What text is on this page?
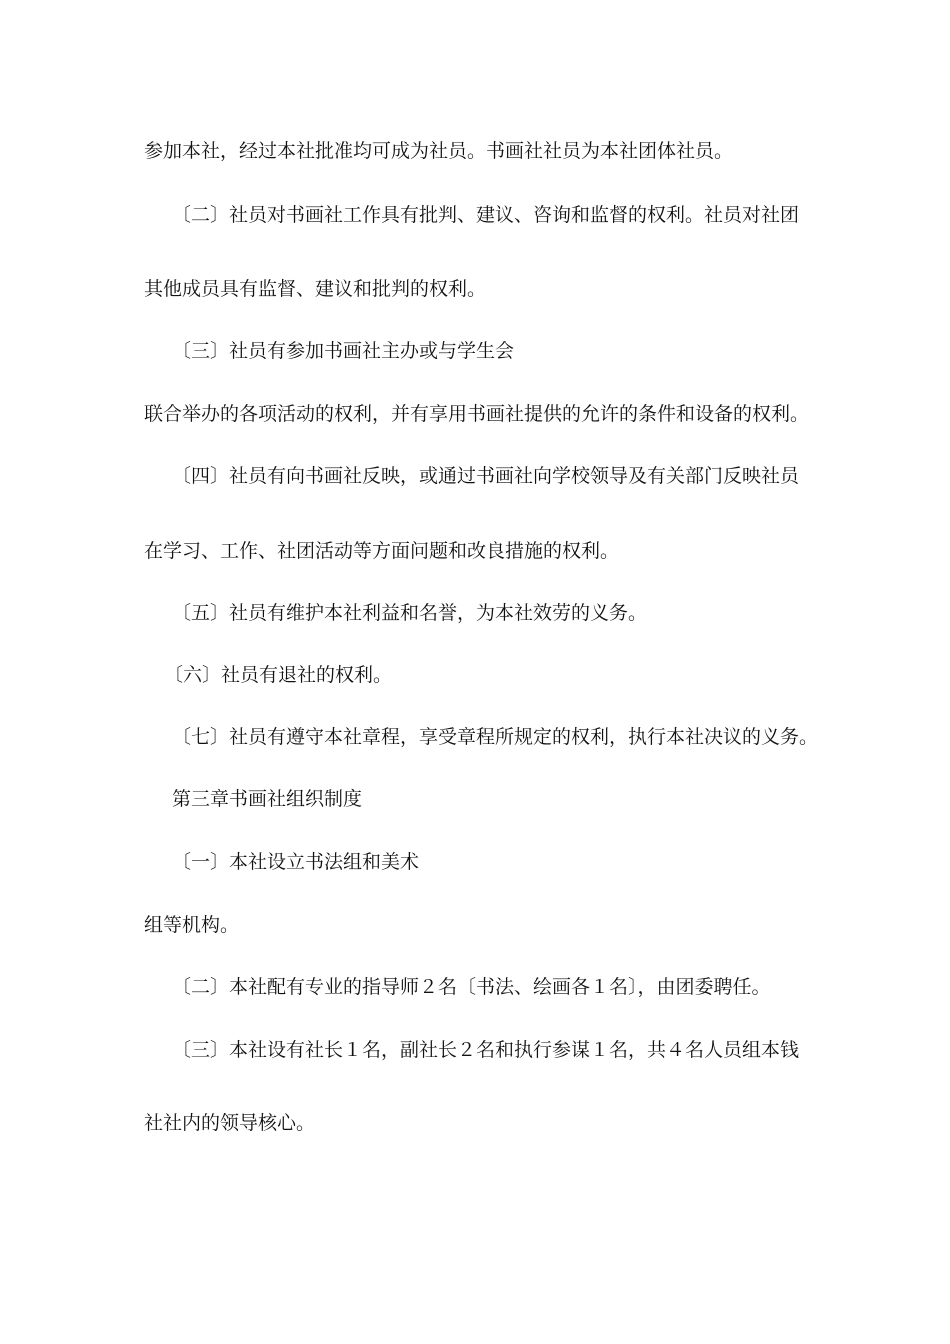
参加本社，经过本社批准均可成为社员。书画社社员为本社团体社员。
〔二〕社员对书画社工作具有批判、建议、咨询和监督的权利。社员对社团
其他成员具有监督、建议和批判的权利。
〔三〕社员有参加书画社主办或与学生会
联合举办的各项活动的权利，并有享用书画社提供的允许的条件和设备的权利。
〔四〕社员有向书画社反映，或通过书画社向学校领导及有关部门反映社员
在学习、工作、社团活动等方面问题和改良措施的权利。
〔五〕社员有维护本社利益和名誉，为本社效劳的义务。
〔六〕社员有退社的权利。
〔七〕社员有遵守本社章程，享受章程所规定的权利，执行本社决议的义务。
第三章书画社组织制度
〔一〕本社设立书法组和美术
组等机构。
〔二〕本社配有专业的指导师２名〔书法、绘画各１名〕，由团委聘任。
〔三〕本社设有社长１名，副社长２名和执行参谋１名，共４名人员组本钱
社社内的领导核心。
